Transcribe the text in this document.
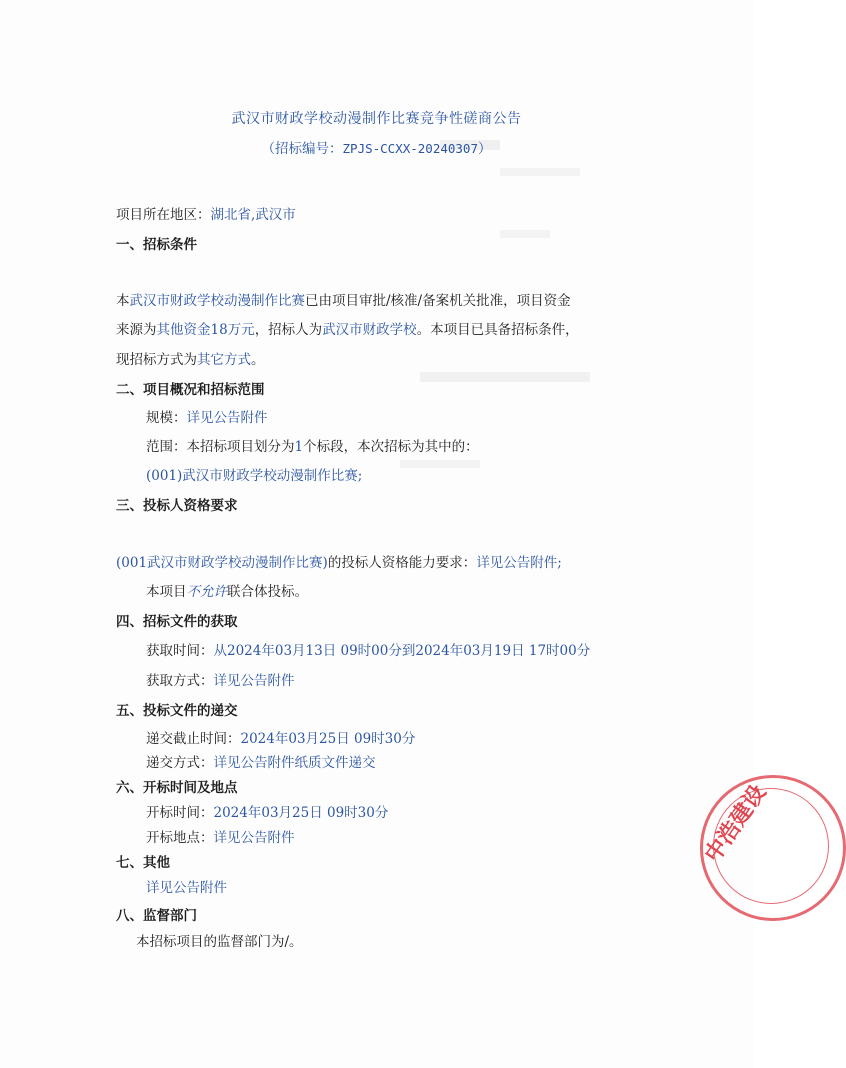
武汉市财政学校动漫制作比赛竞争性磋商公告
（招标编号：ZPJS-CCXX-20240307）
项目所在地区：湖北省,武汉市
一、招标条件
本武汉市财政学校动漫制作比赛已由项目审批/核准/备案机关批准，项目资金
来源为其他资金18万元，招标人为武汉市财政学校。本项目已具备招标条件，
现招标方式为其它方式。
二、项目概况和招标范围
规模：详见公告附件
范围：本招标项目划分为1个标段，本次招标为其中的：
(001)武汉市财政学校动漫制作比赛;
三、投标人资格要求
(001武汉市财政学校动漫制作比赛)的投标人资格能力要求：详见公告附件;
本项目不允许联合体投标。
四、招标文件的获取
获取时间：从2024年03月13日 09时00分到2024年03月19日 17时00分
获取方式：详见公告附件
五、投标文件的递交
递交截止时间：2024年03月25日 09时30分
递交方式：详见公告附件纸质文件递交
六、开标时间及地点
开标时间：2024年03月25日 09时30分
开标地点：详见公告附件
七、其他
详见公告附件
八、监督部门
本招标项目的监督部门为/。
中浩建设
